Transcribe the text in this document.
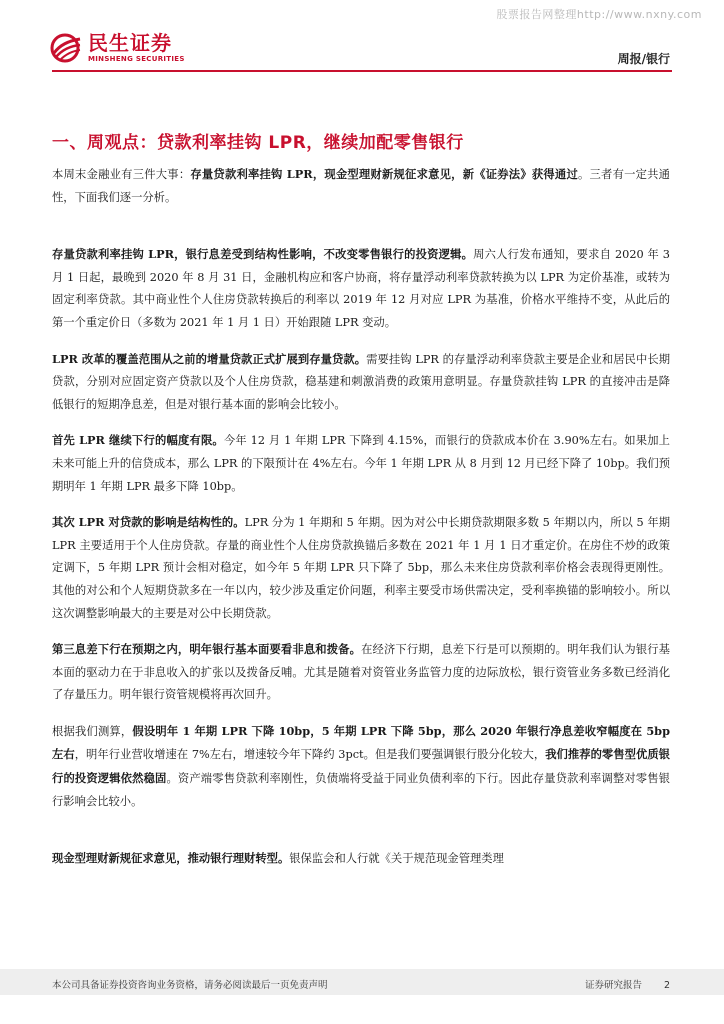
股票报告网整理http://www.nxny.com
民生证券
MINSHENG SECURITIES	周报/银行
一、周观点：贷款利率挂钩 LPR，继续加配零售银行

本周末金融业有三件大事：存量贷款利率挂钩 LPR，现金型理财新规征求意见，新《证券法》获得通过。三者有一定共通性，下面我们逐一分析。

存量贷款利率挂钩 LPR，银行息差受到结构性影响，不改变零售银行的投资逻辑。周六人行发布通知，要求自 2020 年 3 月 1 日起，最晚到 2020 年 8 月 31 日，金融机构应和客户协商，将存量浮动利率贷款转换为以 LPR 为定价基准，或转为固定利率贷款。其中商业性个人住房贷款转换后的利率以 2019 年 12 月对应 LPR 为基准，价格水平维持不变，从此后的第一个重定价日（多数为 2021 年 1 月 1 日）开始跟随 LPR 变动。

LPR 改革的覆盖范围从之前的增量贷款正式扩展到存量贷款。需要挂钩 LPR 的存量浮动利率贷款主要是企业和居民中长期贷款，分别对应固定资产贷款以及个人住房贷款，稳基建和刺激消费的政策用意明显。存量贷款挂钩 LPR 的直接冲击是降低银行的短期净息差，但是对银行基本面的影响会比较小。

首先 LPR 继续下行的幅度有限。今年 12 月 1 年期 LPR 下降到 4.15%，而银行的贷款成本价在 3.90%左右。如果加上未来可能上升的信贷成本，那么 LPR 的下限预计在 4%左右。今年 1 年期 LPR 从 8 月到 12 月已经下降了 10bp。我们预期明年 1 年期 LPR 最多下降 10bp。

其次 LPR 对贷款的影响是结构性的。LPR 分为 1 年期和 5 年期。因为对公中长期贷款期限多数 5 年期以内，所以 5 年期 LPR 主要适用于个人住房贷款。存量的商业性个人住房贷款换锚后多数在 2021 年 1 月 1 日才重定价。在房住不炒的政策定调下，5 年期 LPR 预计会相对稳定，如今年 5 年期 LPR 只下降了 5bp，那么未来住房贷款利率价格会表现得更刚性。其他的对公和个人短期贷款多在一年以内，较少涉及重定价问题，利率主要受市场供需决定，受利率换锚的影响较小。所以这次调整影响最大的主要是对公中长期贷款。

第三息差下行在预期之内，明年银行基本面要看非息和拨备。在经济下行期，息差下行是可以预期的。明年我们认为银行基本面的驱动力在于非息收入的扩张以及拨备反哺。尤其是随着对资管业务监管力度的边际放松，银行资管业务多数已经消化了存量压力。明年银行资管规模将再次回升。

根据我们测算，假设明年 1 年期 LPR 下降 10bp，5 年期 LPR 下降 5bp，那么 2020 年银行净息差收窄幅度在 5bp 左右，明年行业营收增速在 7%左右，增速较今年下降约 3pct。但是我们要强调银行股分化较大，我们推荐的零售型优质银行的投资逻辑依然稳固。资产端零售贷款利率刚性，负债端将受益于同业负债利率的下行。因此存量贷款利率调整对零售银行影响会比较小。

现金型理财新规征求意见，推动银行理财转型。银保监会和人行就《关于规范现金管理类理

本公司具备证券投资咨询业务资格，请务必阅读最后一页免责声明	证券研究报告 2
